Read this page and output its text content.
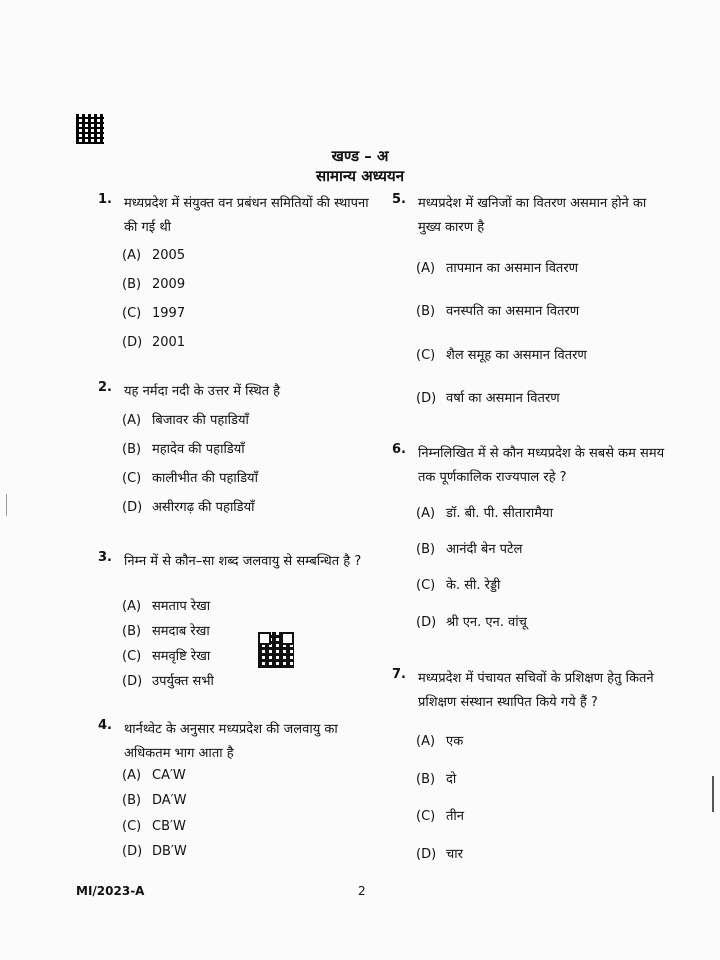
खण्ड – अ
सामान्य अध्ययन
1. मध्यप्रदेश में संयुक्त वन प्रबंधन समितियों की स्थापना की गई थी
(A) 2005
(B) 2009
(C) 1997
(D) 2001
2. यह नर्मदा नदी के उत्तर में स्थित है
(A) बिजावर की पहाडियाँ
(B) महादेव की पहाडियाँ
(C) कालीभीत की पहाडियाँ
(D) असीरगढ़ की पहाडियाँ
3. निम्न में से कौन–सा शब्द जलवायु से सम्बन्धित है ?
(A) समताप रेखा
(B) समदाब रेखा
(C) समवृष्टि रेखा
(D) उपर्युक्त सभी
4. थार्नथ्वेट के अनुसार मध्यप्रदेश की जलवायु का अधिकतम भाग आता है
(A) CA′W
(B) DA′W
(C) CB′W
(D) DB′W
5. मध्यप्रदेश में खनिजों का वितरण असमान होने का मुख्य कारण है
(A) तापमान का असमान वितरण
(B) वनस्पति का असमान वितरण
(C) शैल समूह का असमान वितरण
(D) वर्षा का असमान वितरण
6. निम्नलिखित में से कौन मध्यप्रदेश के सबसे कम समय तक पूर्णकालिक राज्यपाल रहे ?
(A) डॉ. बी. पी. सीतारामैया
(B) आनंदी बेन पटेल
(C) के. सी. रेड्डी
(D) श्री एन. एन. वांचू
7. मध्यप्रदेश में पंचायत सचिवों के प्रशिक्षण हेतु कितने प्रशिक्षण संस्थान स्थापित किये गये हैं ?
(A) एक
(B) दो
(C) तीन
(D) चार
MI/2023-A	2
